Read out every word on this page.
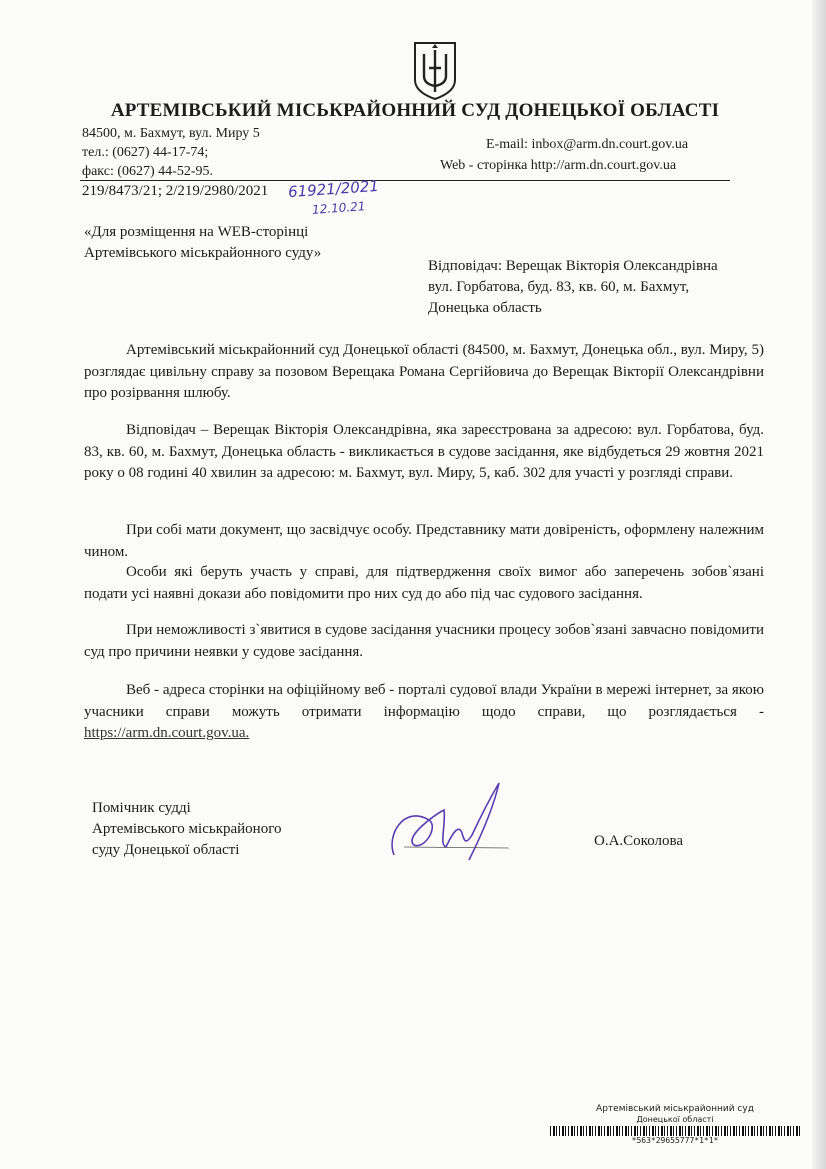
АРТЕМІВСЬКИЙ МІСЬКРАЙОННИЙ СУД ДОНЕЦЬКОЇ ОБЛАСТІ
84500, м. Бахмут, вул. Миру 5
тел.: (0627) 44-17-74;
факс: (0627) 44-52-95.
E-mail: inbox@arm.dn.court.gov.ua
Web - сторінка http://arm.dn.court.gov.ua
219/8473/21; 2/219/2980/2021 61921/2021
12.10.21
«Для розміщення на WEB-сторінці
Артемівського міськрайонного суду»
Відповідач: Верещак Вікторія Олександрівна
вул. Горбатова, буд. 83, кв. 60, м. Бахмут,
Донецька область
Артемівський міськрайонний суд Донецької області (84500, м. Бахмут, Донецька обл., вул. Миру, 5) розглядає цивільну справу за позовом Верещака Романа Сергійовича до Верещак Вікторії Олександрівни про розірвання шлюбу.
Відповідач – Верещак Вікторія Олександрівна, яка зареєстрована за адресою: вул. Горбатова, буд. 83, кв. 60, м. Бахмут, Донецька область - викликається в судове засідання, яке відбудеться 29 жовтня 2021 року о 08 годині 40 хвилин за адресою: м. Бахмут, вул. Миру, 5, каб. 302 для участі у розгляді справи.
При собі мати документ, що засвідчує особу. Представнику мати довіреність, оформлену належним чином.
Особи які беруть участь у справі, для підтвердження своїх вимог або заперечень зобов`язані подати усі наявні докази або повідомити про них суд до або під час судового засідання.
При неможливості з`явитися в судове засідання учасники процесу зобов`язані завчасно повідомити суд про причини неявки у судове засідання.
Веб - адреса сторінки на офіційному веб - порталі судової влади України в мережі інтернет, за якою учасники справи можуть отримати інформацію щодо справи, що розглядається - https://arm.dn.court.gov.ua.
Помічник судді
Артемівського міськрайоного
суду Донецької області
О.А.Соколова
Артемівський міськрайонний суд
Донецької області
*563*29655777*1*1*
